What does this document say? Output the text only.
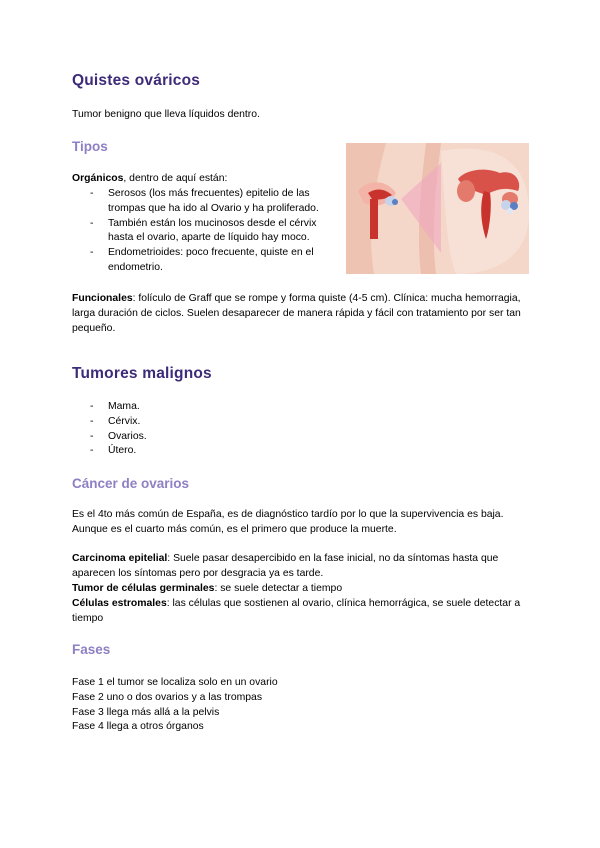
Quistes ováricos

Tumor benigno que lleva líquidos dentro.

Tipos

Orgánicos, dentro de aquí están:

- Serosos (los más frecuentes) epitelio de las trompas que ha ido al Ovario y ha proliferado.
- También están los mucinosos desde el cérvix hasta el ovario, aparte de líquido hay moco.
- Endometrioides: poco frecuente, quiste en el endometrio.

Funcionales: folículo de Graff que se rompe y forma quiste (4-5 cm). Clínica: mucha hemorragia, larga duración de ciclos. Suelen desaparecer de manera rápida y fácil con tratamiento por ser tan pequeño.

Tumores malignos
- Mama.
- Cérvix.
- Ovarios.
- Útero.
Cáncer de ovarios

Es el 4to más común de España, es de diagnóstico tardío por lo que la supervivencia es baja. Aunque es el cuarto más común, es el primero que produce la muerte.

Carcinoma epitelial: Suele pasar desapercibido en la fase inicial, no da síntomas hasta que aparecen los síntomas pero por desgracia ya es tarde.

Tumor de células germinales: se suele detectar a tiempo

Células estromales: las células que sostienen al ovario, clínica hemorrágica, se suele detectar a tiempo

Fases
Fase 1 el tumor se localiza solo en un ovario
Fase 2 uno o dos ovarios y a las trompas
Fase 3 llega más allá a la pelvis
Fase 4 llega a otros órganos
